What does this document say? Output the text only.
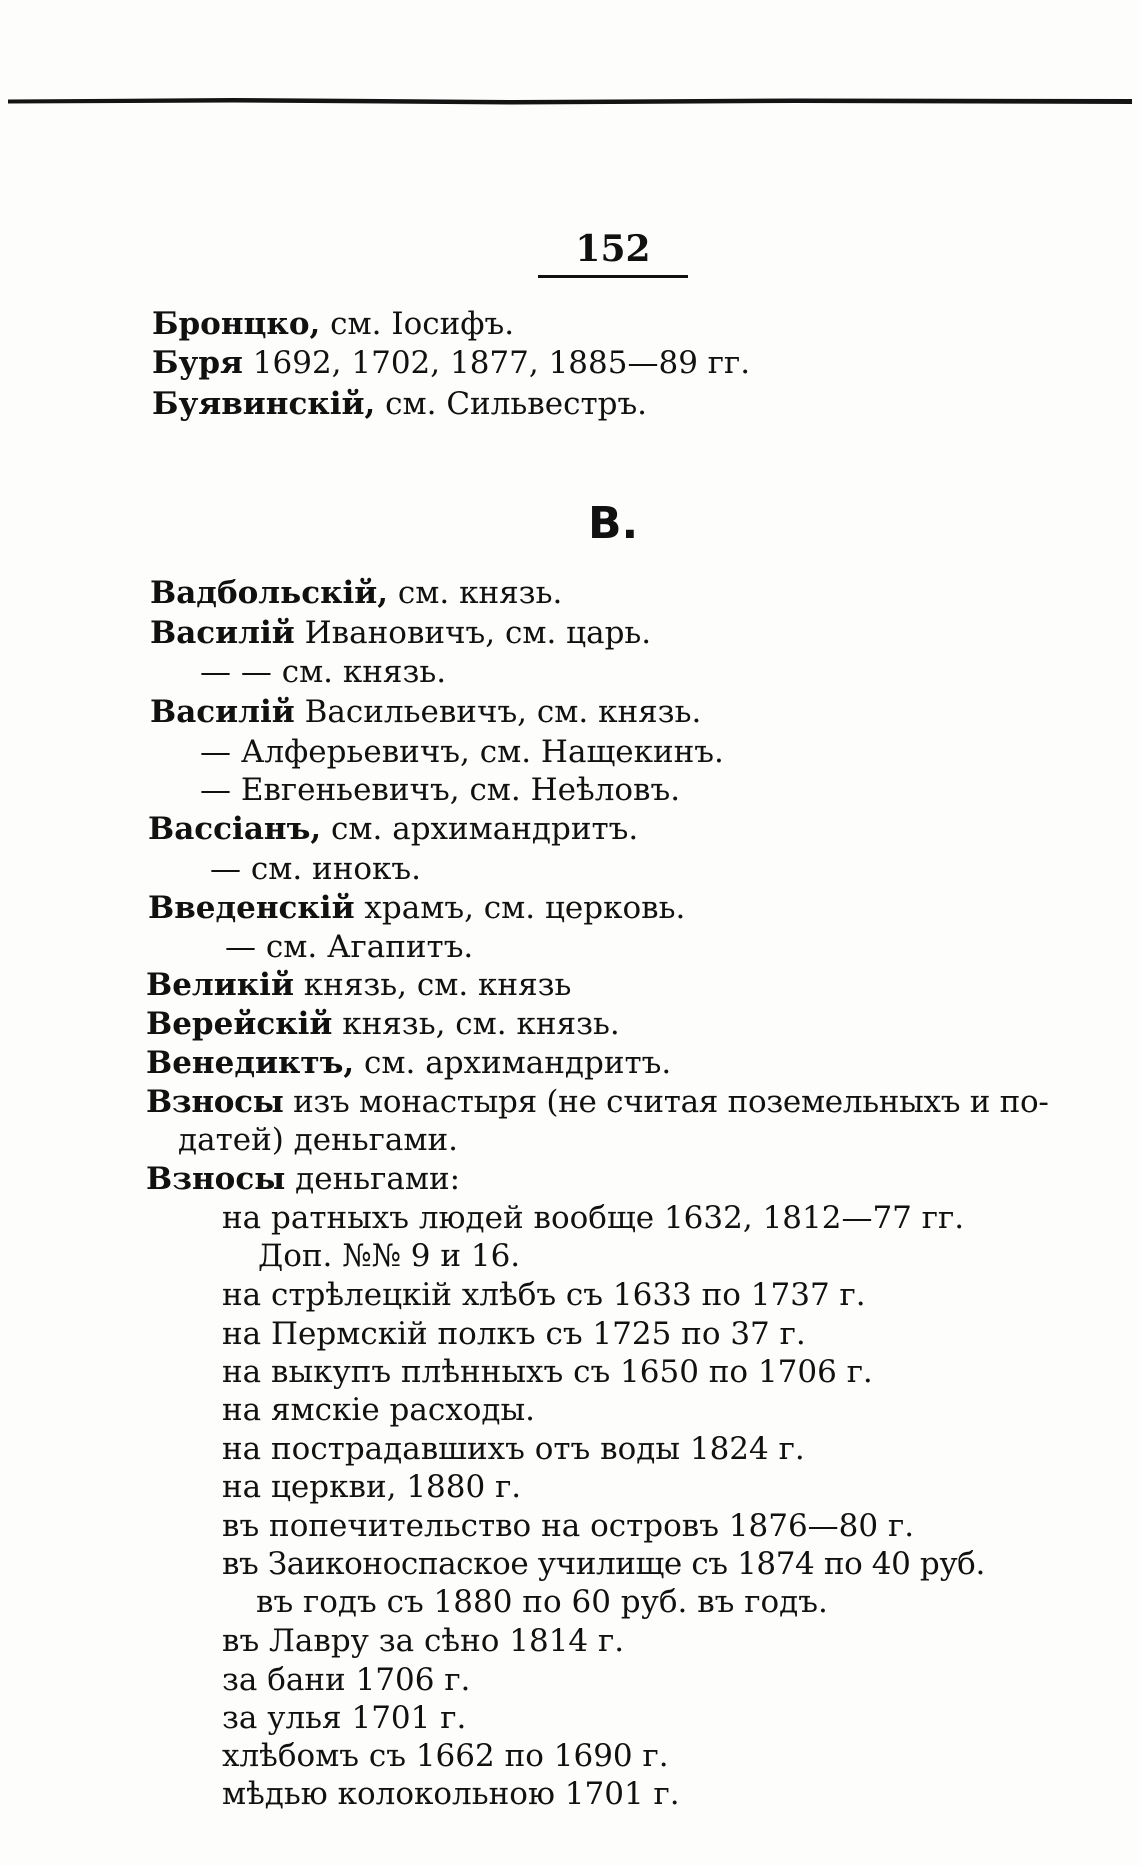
152
В.
Бронцко, см. Іосифъ.
Буря 1692, 1702, 1877, 1885—89 гг.
Буявинскій, см. Сильвестръ.
Вадбольскій, см. князь.
Василій Ивановичъ, см. царь.
— — см. князь.
Василій Васильевичъ, см. князь.
— Алферьевичъ, см. Нащекинъ.
— Евгеньевичъ, см. Неѣловъ.
Вассіанъ, см. архимандритъ.
— см. инокъ.
Введенскій храмъ, см. церковь.
— см. Агапитъ.
Великій князь, см. князь
Верейскій князь, см. князь.
Венедиктъ, см. архимандритъ.
Взносы изъ монастыря (не считая поземельныхъ и по-
датей) деньгами.
Взносы деньгами:
на ратныхъ людей вообще 1632, 1812—77 гг.
Доп. №№ 9 и 16.
на стрѣлецкій хлѣбъ съ 1633 по 1737 г.
на Пермскій полкъ съ 1725 по 37 г.
на выкупъ плѣнныхъ съ 1650 по 1706 г.
на ямскіе расходы.
на пострадавшихъ отъ воды 1824 г.
на церкви, 1880 г.
въ попечительство на островъ 1876—80 г.
въ Заиконоспаское училище съ 1874 по 40 руб.
въ годъ съ 1880 по 60 руб. въ годъ.
въ Лавру за сѣно 1814 г.
за бани 1706 г.
за улья 1701 г.
хлѣбомъ съ 1662 по 1690 г.
мѣдью колокольною 1701 г.
